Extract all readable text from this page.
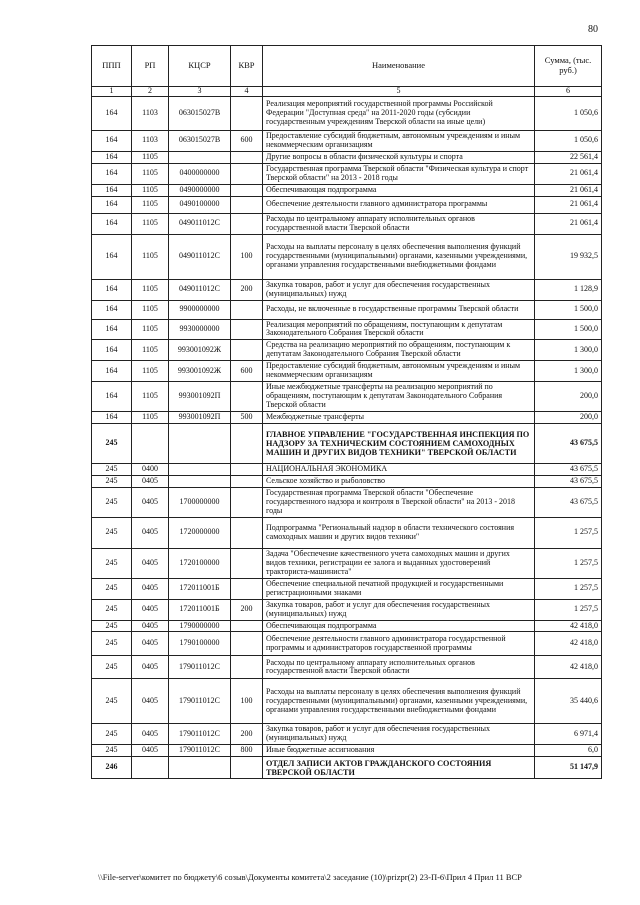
80
ППП	РП	КЦСР	КВР	Наименование	Сумма, (тыс. руб.)
1	2	3	4	5	6
164	1103	063015027В		Реализация мероприятий государственной программы Российской Федерации "Доступная среда" на 2011-2020 годы (субсидии государственным учреждениям Тверской области на иные цели)	1 050,6
164	1103	063015027В	600	Предоставление субсидий бюджетным, автономным учреждениям и иным некоммерческим организациям	1 050,6
164	1105			Другие вопросы в области физической культуры и спорта	22 561,4
164	1105	0400000000		Государственная программа Тверской области "Физическая культура и спорт Тверской области" на 2013 - 2018 годы	21 061,4
164	1105	0490000000		Обеспечивающая подпрограмма	21 061,4
164	1105	0490100000		Обеспечение деятельности главного администратора программы	21 061,4
164	1105	049011012С		Расходы по центральному аппарату исполнительных органов государственной власти Тверской области	21 061,4
164	1105	049011012С	100	Расходы на выплаты персоналу в целях обеспечения выполнения функций государственными (муниципальными) органами, казенными учреждениями, органами управления государственными внебюджетными фондами	19 932,5
164	1105	049011012С	200	Закупка товаров, работ и услуг для обеспечения государственных (муниципальных) нужд	1 128,9
164	1105	9900000000		Расходы, не включенные в государственные программы Тверской области	1 500,0
164	1105	9930000000		Реализация мероприятий по обращениям, поступающим к депутатам Законодательного Собрания Тверской области	1 500,0
164	1105	993001092Ж		Средства на реализацию мероприятий по обращениям, поступающим к депутатам Законодательного Собрания Тверской области	1 300,0
164	1105	993001092Ж	600	Предоставление субсидий бюджетным, автономным учреждениям и иным некоммерческим организациям	1 300,0
164	1105	993001092П		Иные межбюджетные трансферты на реализацию мероприятий по обращениям, поступающим к депутатам Законодательного Собрания Тверской области	200,0
164	1105	993001092П	500	Межбюджетные трансферты	200,0
245				ГЛАВНОЕ УПРАВЛЕНИЕ "ГОСУДАРСТВЕННАЯ ИНСПЕКЦИЯ ПО НАДЗОРУ ЗА ТЕХНИЧЕСКИМ СОСТОЯНИЕМ САМОХОДНЫХ МАШИН И ДРУГИХ ВИДОВ ТЕХНИКИ" ТВЕРСКОЙ ОБЛАСТИ	43 675,5
245	0400			НАЦИОНАЛЬНАЯ ЭКОНОМИКА	43 675,5
245	0405			Сельское хозяйство и рыболовство	43 675,5
245	0405	1700000000		Государственная программа Тверской области "Обеспечение государственного надзора и контроля в Тверской области" на 2013 - 2018 годы	43 675,5
245	0405	1720000000		Подпрограмма "Региональный надзор в области технического состояния самоходных машин и других видов техники"	1 257,5
245	0405	1720100000		Задача "Обеспечение качественного учета самоходных машин и других видов техники, регистрации ее залога и выданных удостоверений тракториста-машиниста"	1 257,5
245	0405	172011001Б		Обеспечение специальной печатной продукцией и государственными регистрационными знаками	1 257,5
245	0405	172011001Б	200	Закупка товаров, работ и услуг для обеспечения государственных (муниципальных) нужд	1 257,5
245	0405	1790000000		Обеспечивающая подпрограмма	42 418,0
245	0405	1790100000		Обеспечение деятельности главного администратора государственной программы и администраторов государственной программы	42 418,0
245	0405	179011012С		Расходы по центральному аппарату исполнительных органов государственной власти Тверской области	42 418,0
245	0405	179011012С	100	Расходы на выплаты персоналу в целях обеспечения выполнения функций государственными (муниципальными) органами, казенными учреждениями, органами управления государственными внебюджетными фондами	35 440,6
245	0405	179011012С	200	Закупка товаров, работ и услуг для обеспечения государственных (муниципальных) нужд	6 971,4
245	0405	179011012С	800	Иные бюджетные ассигнования	6,0
246				ОТДЕЛ ЗАПИСИ АКТОВ ГРАЖДАНСКОГО СОСТОЯНИЯ ТВЕРСКОЙ ОБЛАСТИ	51 147,9
\\File-server\комитет по бюджету\6 созыв\Документы комитета\2 заседание (10)\prizpr(2) 23-П-6\Прил 4 Прил 11 ВСР
